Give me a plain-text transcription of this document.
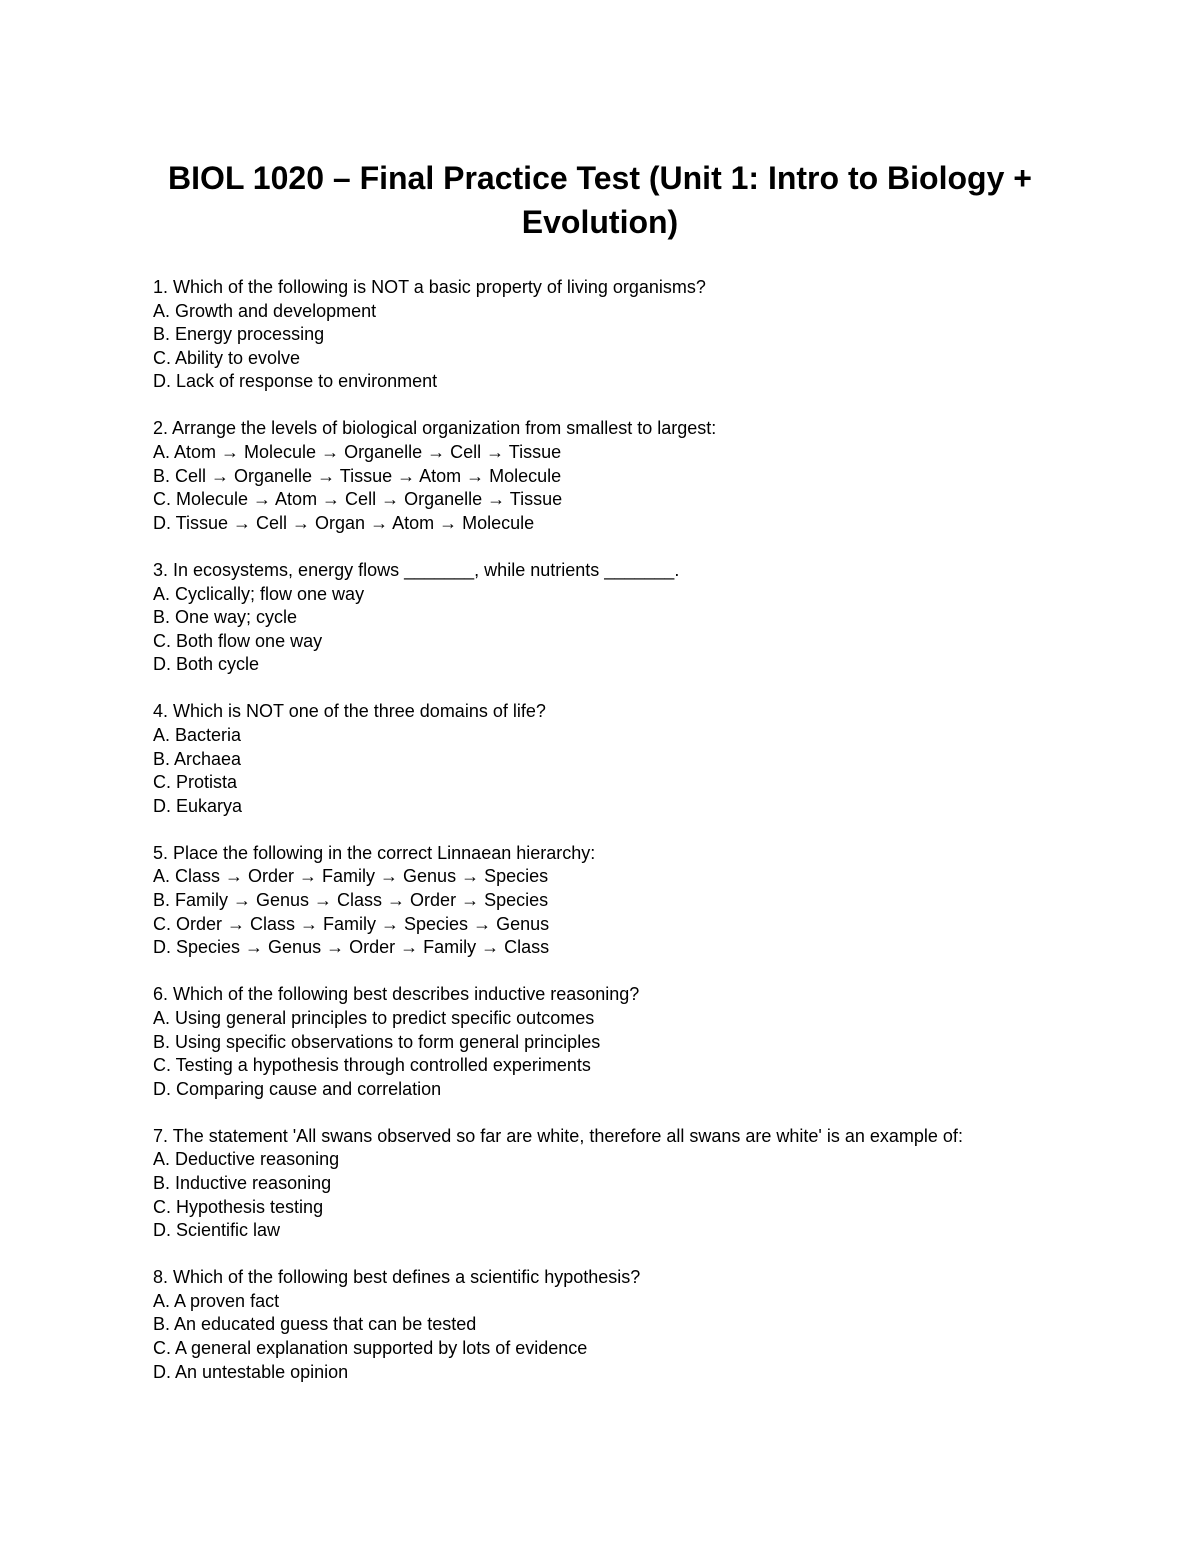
BIOL 1020 – Final Practice Test (Unit 1: Intro to Biology + Evolution)
1. Which of the following is NOT a basic property of living organisms?
A. Growth and development
B. Energy processing
C. Ability to evolve
D. Lack of response to environment
2. Arrange the levels of biological organization from smallest to largest:
A. Atom → Molecule → Organelle → Cell → Tissue
B. Cell → Organelle → Tissue → Atom → Molecule
C. Molecule → Atom → Cell → Organelle → Tissue
D. Tissue → Cell → Organ → Atom → Molecule
3. In ecosystems, energy flows _______, while nutrients _______.
A. Cyclically; flow one way
B. One way; cycle
C. Both flow one way
D. Both cycle
4. Which is NOT one of the three domains of life?
A. Bacteria
B. Archaea
C. Protista
D. Eukarya
5. Place the following in the correct Linnaean hierarchy:
A. Class → Order → Family → Genus → Species
B. Family → Genus → Class → Order → Species
C. Order → Class → Family → Species → Genus
D. Species → Genus → Order → Family → Class
6. Which of the following best describes inductive reasoning?
A. Using general principles to predict specific outcomes
B. Using specific observations to form general principles
C. Testing a hypothesis through controlled experiments
D. Comparing cause and correlation
7. The statement 'All swans observed so far are white, therefore all swans are white' is an example of:
A. Deductive reasoning
B. Inductive reasoning
C. Hypothesis testing
D. Scientific law
8. Which of the following best defines a scientific hypothesis?
A. A proven fact
B. An educated guess that can be tested
C. A general explanation supported by lots of evidence
D. An untestable opinion
